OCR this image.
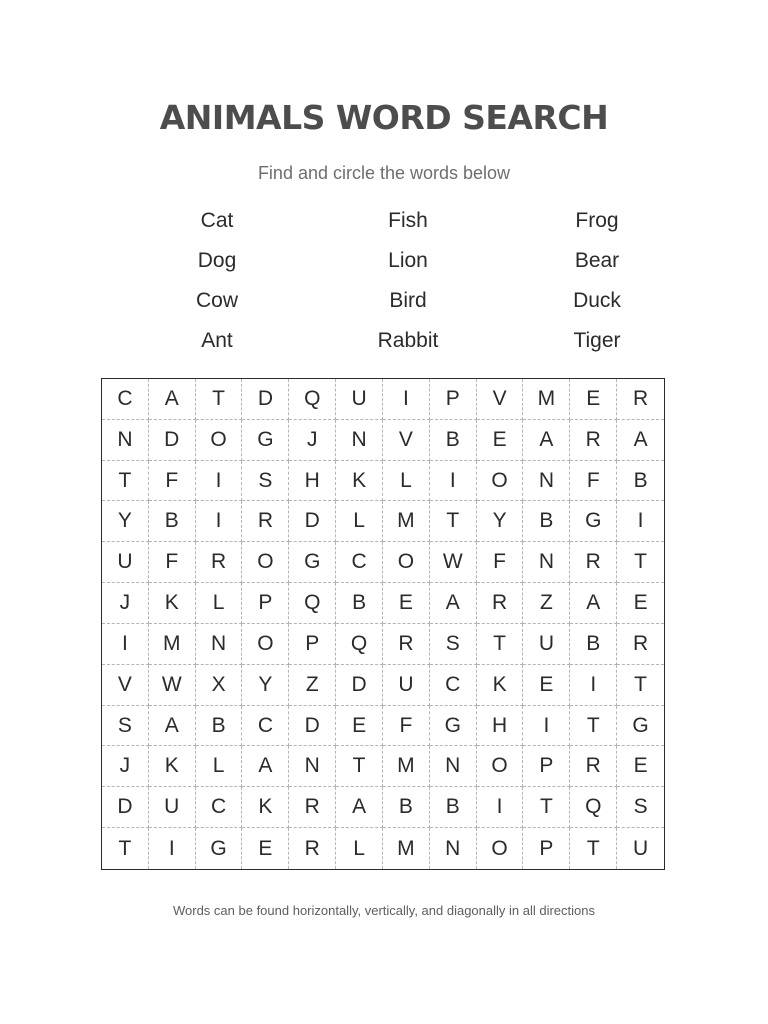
ANIMALS WORD SEARCH
Find and circle the words below
Cat	Fish	Frog
Dog	Lion	Bear
Cow	Bird	Duck
Ant	Rabbit	Tiger
C	A	T	D	Q	U	I	P	V	M	E	R
N	D	O	G	J	N	V	B	E	A	R	A
T	F	I	S	H	K	L	I	O	N	F	B
Y	B	I	R	D	L	M	T	Y	B	G	I
U	F	R	O	G	C	O	W	F	N	R	T
J	K	L	P	Q	B	E	A	R	Z	A	E
I	M	N	O	P	Q	R	S	T	U	B	R
V	W	X	Y	Z	D	U	C	K	E	I	T
S	A	B	C	D	E	F	G	H	I	T	G
J	K	L	A	N	T	M	N	O	P	R	E
D	U	C	K	R	A	B	B	I	T	Q	S
T	I	G	E	R	L	M	N	O	P	T	U
Words can be found horizontally, vertically, and diagonally in all directions
